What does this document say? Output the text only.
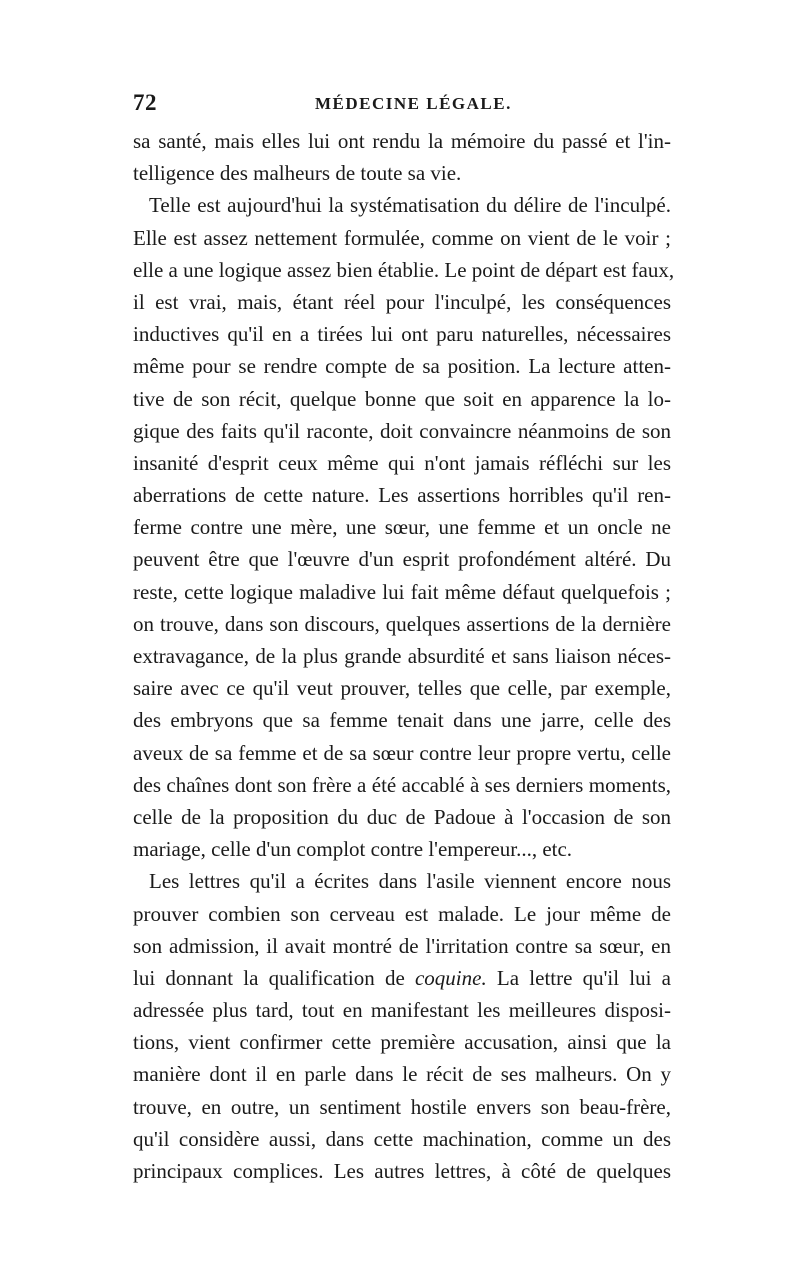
72	MÉDECINE LÉGALE.
sa santé, mais elles lui ont rendu la mémoire du passé et l'in-
telligence des malheurs de toute sa vie.
Telle est aujourd'hui la systématisation du délire de l'inculpé.
Elle est assez nettement formulée, comme on vient de le voir ;
elle a une logique assez bien établie. Le point de départ est faux,
il est vrai, mais, étant réel pour l'inculpé, les conséquences
inductives qu'il en a tirées lui ont paru naturelles, nécessaires
même pour se rendre compte de sa position. La lecture atten-
tive de son récit, quelque bonne que soit en apparence la lo-
gique des faits qu'il raconte, doit convaincre néanmoins de son
insanité d'esprit ceux même qui n'ont jamais réfléchi sur les
aberrations de cette nature. Les assertions horribles qu'il ren-
ferme contre une mère, une sœur, une femme et un oncle ne
peuvent être que l'œuvre d'un esprit profondément altéré. Du
reste, cette logique maladive lui fait même défaut quelquefois ;
on trouve, dans son discours, quelques assertions de la dernière
extravagance, de la plus grande absurdité et sans liaison néces-
saire avec ce qu'il veut prouver, telles que celle, par exemple,
des embryons que sa femme tenait dans une jarre, celle des
aveux de sa femme et de sa sœur contre leur propre vertu, celle
des chaînes dont son frère a été accablé à ses derniers moments,
celle de la proposition du duc de Padoue à l'occasion de son
mariage, celle d'un complot contre l'empereur..., etc.
Les lettres qu'il a écrites dans l'asile viennent encore nous
prouver combien son cerveau est malade. Le jour même de
son admission, il avait montré de l'irritation contre sa sœur, en
lui donnant la qualification de coquine. La lettre qu'il lui a
adressée plus tard, tout en manifestant les meilleures disposi-
tions, vient confirmer cette première accusation, ainsi que la
manière dont il en parle dans le récit de ses malheurs. On y
trouve, en outre, un sentiment hostile envers son beau-frère,
qu'il considère aussi, dans cette machination, comme un des
principaux complices. Les autres lettres, à côté de quelques
